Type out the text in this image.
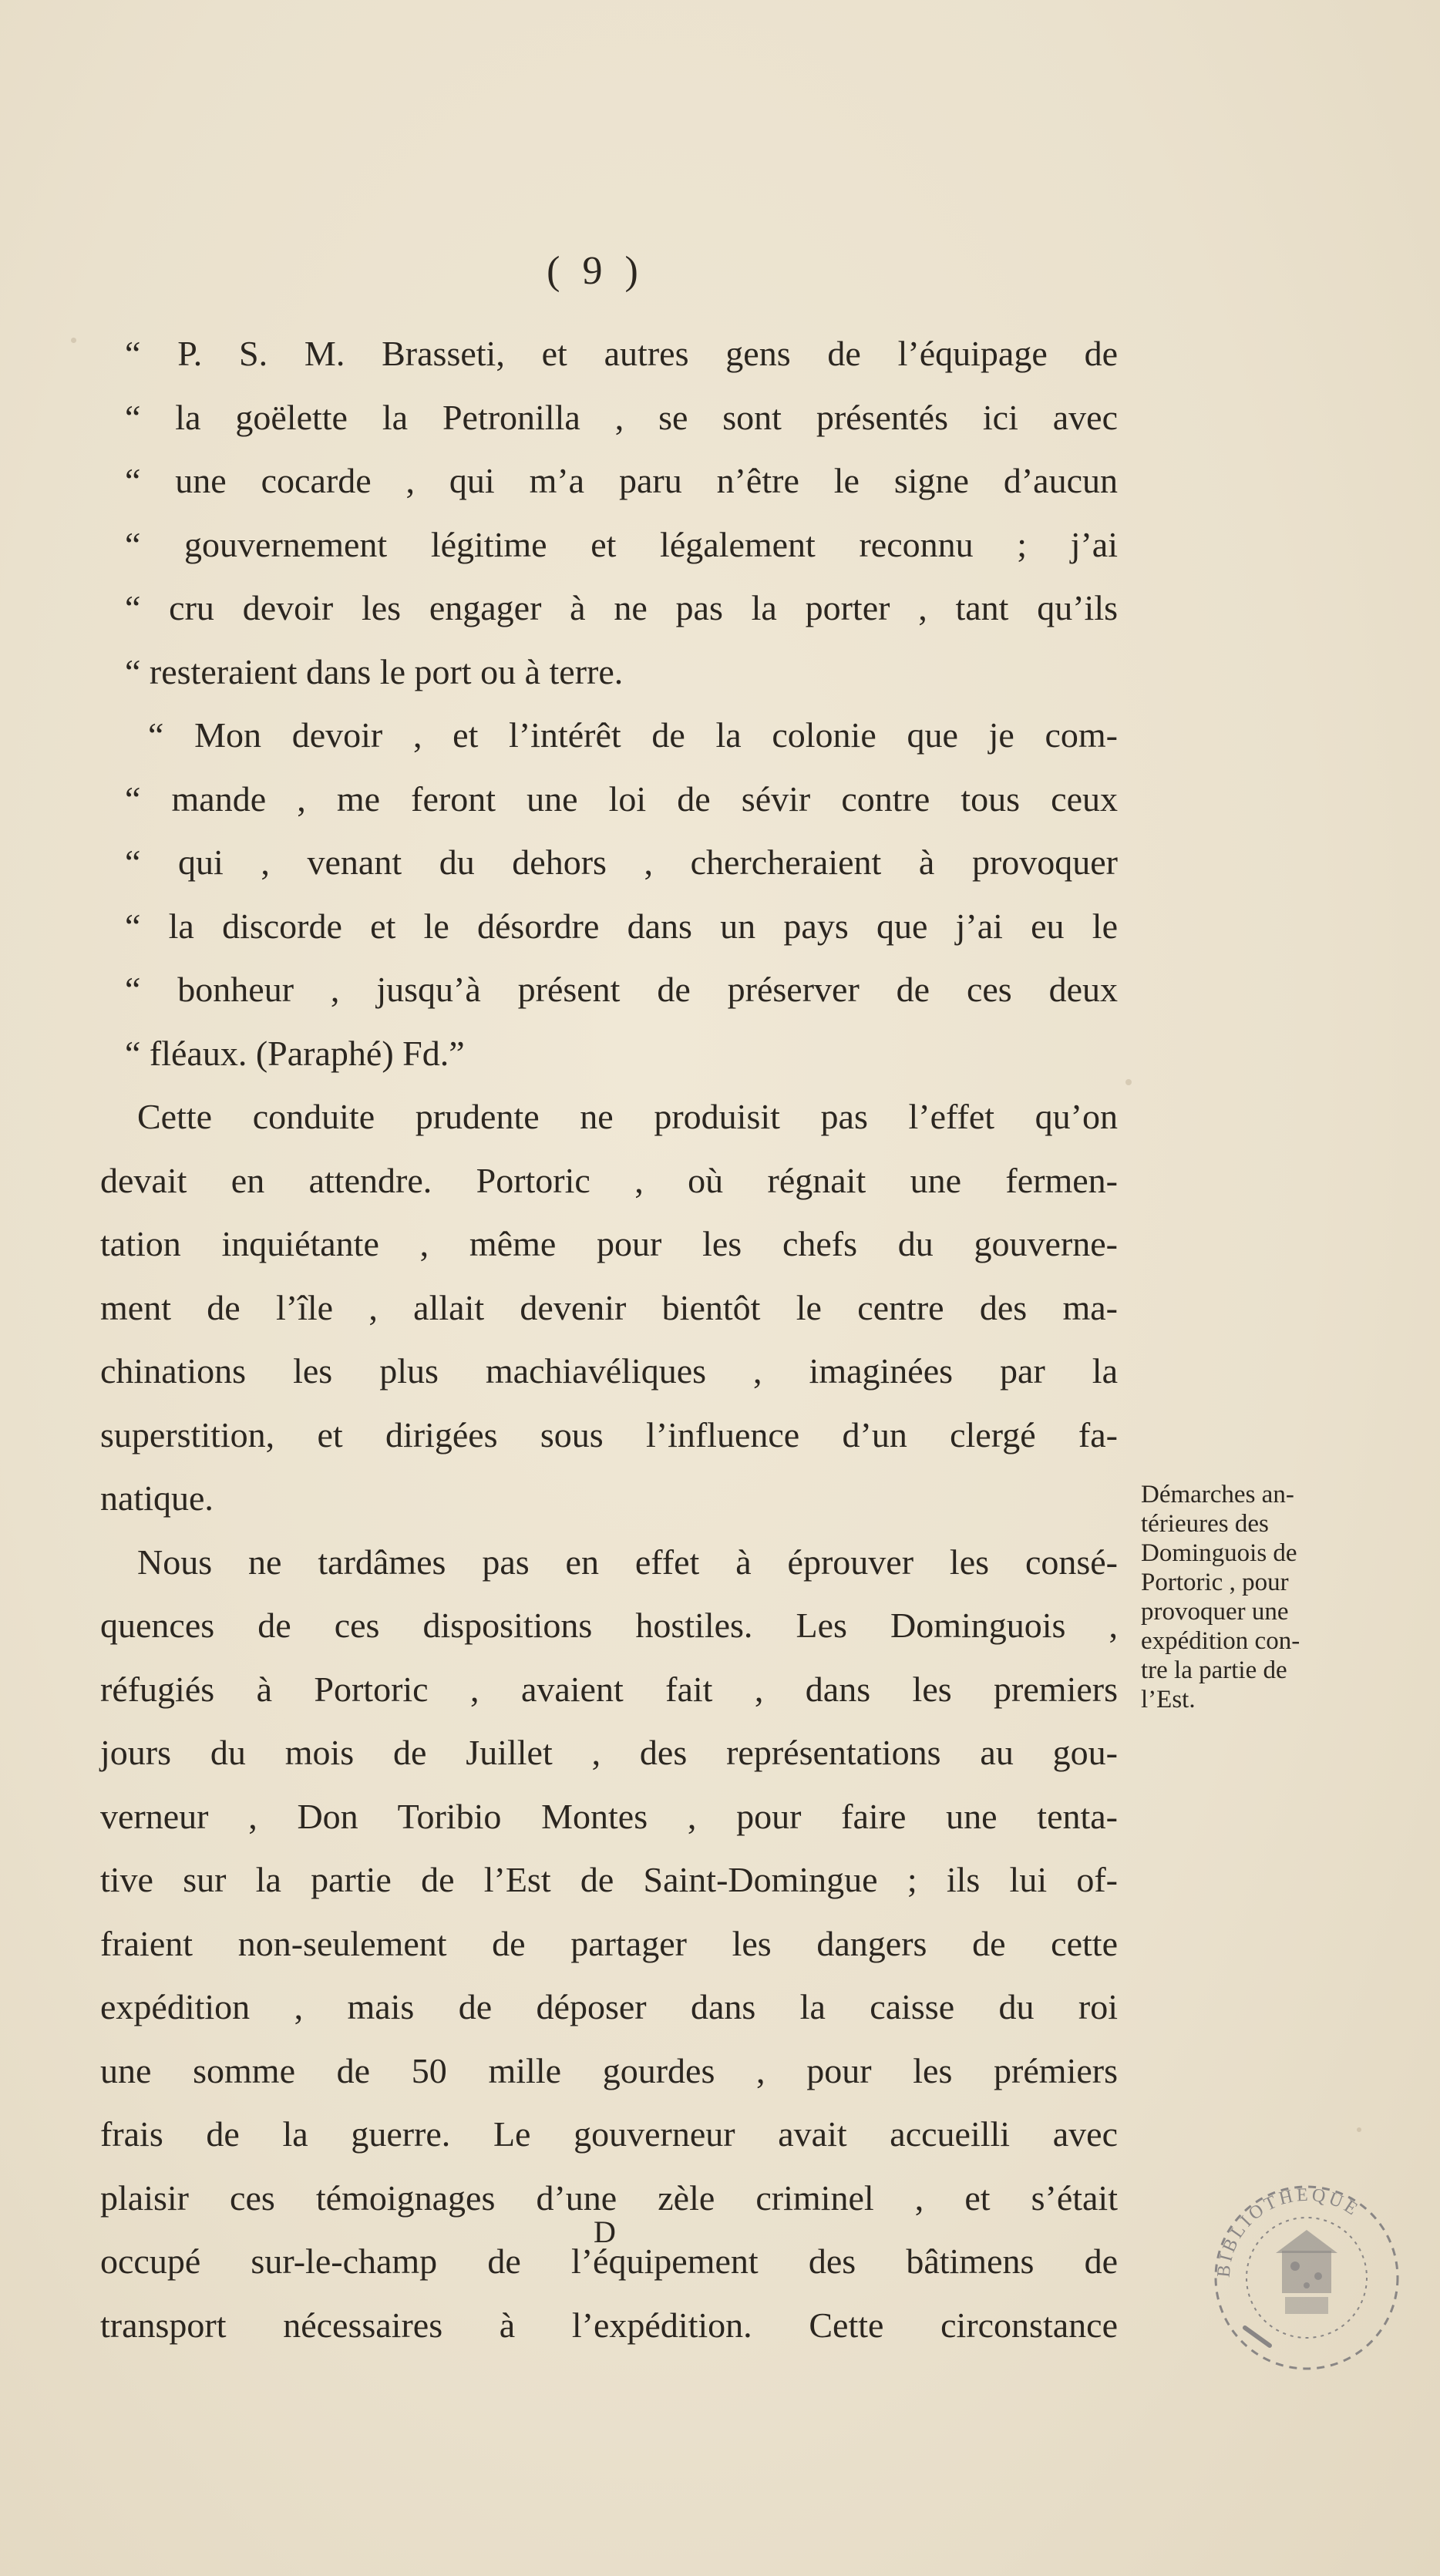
( 9 )
“ P. S. M. Brasseti, et autres gens de l’équipage de
“ la goëlette la Petronilla , se sont présentés ici avec
“ une cocarde , qui m’a paru n’être le signe d’aucun
“ gouvernement légitime et légalement reconnu ; j’ai
“ cru devoir les engager à ne pas la porter , tant qu’ils
“ resteraient dans le port ou à terre.
“ Mon devoir , et l’intérêt de la colonie que je com-
“ mande , me feront une loi de sévir contre tous ceux
“ qui , venant du dehors , chercheraient à provoquer
“ la discorde et le désordre dans un pays que j’ai eu le
“ bonheur , jusqu’à présent de préserver de ces deux
“ fléaux. (Paraphé) Fd.”
Cette conduite prudente ne produisit pas l’effet qu’on
devait en attendre. Portoric , où régnait une fermen-
tation inquiétante , même pour les chefs du gouverne-
ment de l’île , allait devenir bientôt le centre des ma-
chinations les plus machiavéliques , imaginées par la
superstition, et dirigées sous l’influence d’un clergé fa-
natique.
Nous ne tardâmes pas en effet à éprouver les consé-
quences de ces dispositions hostiles. Les Dominguois ,
réfugiés à Portoric , avaient fait , dans les premiers
jours du mois de Juillet , des représentations au gou-
verneur , Don Toribio Montes , pour faire une tenta-
tive sur la partie de l’Est de Saint-Domingue ; ils lui of-
fraient non-seulement de partager les dangers de cette
expédition , mais de déposer dans la caisse du roi
une somme de 50 mille gourdes , pour les prémiers
frais de la guerre. Le gouverneur avait accueilli avec
plaisir ces témoignages d’une zèle criminel , et s’était
occupé sur-le-champ de l’équipement des bâtimens de
transport nécessaires à l’expédition. Cette circonstance
Démarches an-
térieures des
Dominguois de
Portoric , pour
provoquer une
expédition con-
tre la partie de
l’Est.
D
BIBLIOTHEQUE
